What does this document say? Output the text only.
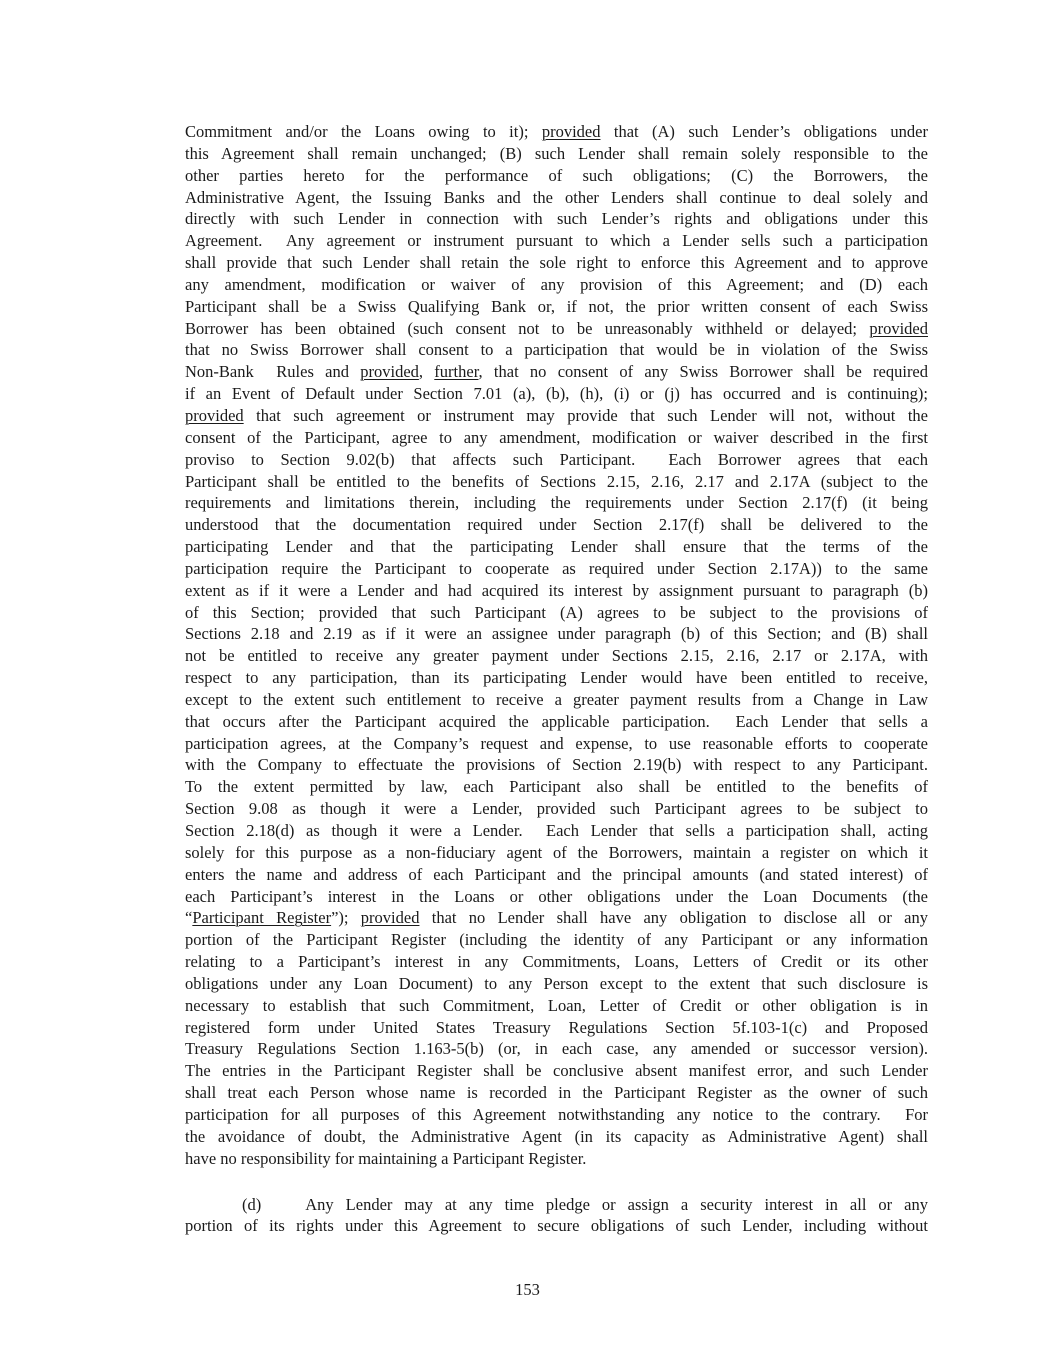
Commitment and/or the Loans owing to it); provided that (A) such Lender’s obligations under
this Agreement shall remain unchanged; (B) such Lender shall remain solely responsible to the
other parties hereto for the performance of such obligations; (C) the Borrowers, the
Administrative Agent, the Issuing Banks and the other Lenders shall continue to deal solely and
directly with such Lender in connection with such Lender’s rights and obligations under this
Agreement.  Any agreement or instrument pursuant to which a Lender sells such a participation
shall provide that such Lender shall retain the sole right to enforce this Agreement and to approve
any amendment, modification or waiver of any provision of this Agreement; and (D) each
Participant shall be a Swiss Qualifying Bank or, if not, the prior written consent of each Swiss
Borrower has been obtained (such consent not to be unreasonably withheld or delayed; provided
that no Swiss Borrower shall consent to a participation that would be in violation of the Swiss
Non-Bank  Rules and provided, further, that no consent of any Swiss Borrower shall be required
if an Event of Default under Section 7.01 (a), (b), (h), (i) or (j) has occurred and is continuing);
provided that such agreement or instrument may provide that such Lender will not, without the
consent of the Participant, agree to any amendment, modification or waiver described in the first
proviso to Section 9.02(b) that affects such Participant.  Each Borrower agrees that each
Participant shall be entitled to the benefits of Sections 2.15, 2.16, 2.17 and 2.17A (subject to the
requirements and limitations therein, including the requirements under Section 2.17(f) (it being
understood that the documentation required under Section 2.17(f) shall be delivered to the
participating Lender and that the participating Lender shall ensure that the terms of the
participation require the Participant to cooperate as required under Section 2.17A)) to the same
extent as if it were a Lender and had acquired its interest by assignment pursuant to paragraph (b)
of this Section; provided that such Participant (A) agrees to be subject to the provisions of
Sections 2.18 and 2.19 as if it were an assignee under paragraph (b) of this Section; and (B) shall
not be entitled to receive any greater payment under Sections 2.15, 2.16, 2.17 or 2.17A, with
respect to any participation, than its participating Lender would have been entitled to receive,
except to the extent such entitlement to receive a greater payment results from a Change in Law
that occurs after the Participant acquired the applicable participation.  Each Lender that sells a
participation agrees, at the Company’s request and expense, to use reasonable efforts to cooperate
with the Company to effectuate the provisions of Section 2.19(b) with respect to any Participant.
To the extent permitted by law, each Participant also shall be entitled to the benefits of
Section 9.08 as though it were a Lender, provided such Participant agrees to be subject to
Section 2.18(d) as though it were a Lender.  Each Lender that sells a participation shall, acting
solely for this purpose as a non-fiduciary agent of the Borrowers, maintain a register on which it
enters the name and address of each Participant and the principal amounts (and stated interest) of
each Participant’s interest in the Loans or other obligations under the Loan Documents (the
“Participant Register”); provided that no Lender shall have any obligation to disclose all or any
portion of the Participant Register (including the identity of any Participant or any information
relating to a Participant’s interest in any Commitments, Loans, Letters of Credit or its other
obligations under any Loan Document) to any Person except to the extent that such disclosure is
necessary to establish that such Commitment, Loan, Letter of Credit or other obligation is in
registered form under United States Treasury Regulations Section 5f.103-1(c) and Proposed
Treasury Regulations Section 1.163-5(b) (or, in each case, any amended or successor version).
The entries in the Participant Register shall be conclusive absent manifest error, and such Lender
shall treat each Person whose name is recorded in the Participant Register as the owner of such
participation for all purposes of this Agreement notwithstanding any notice to the contrary.  For
the avoidance of doubt, the Administrative Agent (in its capacity as Administrative Agent) shall
have no responsibility for maintaining a Participant Register.
(d)	Any Lender may at any time pledge or assign a security interest in all or any
portion of its rights under this Agreement to secure obligations of such Lender, including without
153
